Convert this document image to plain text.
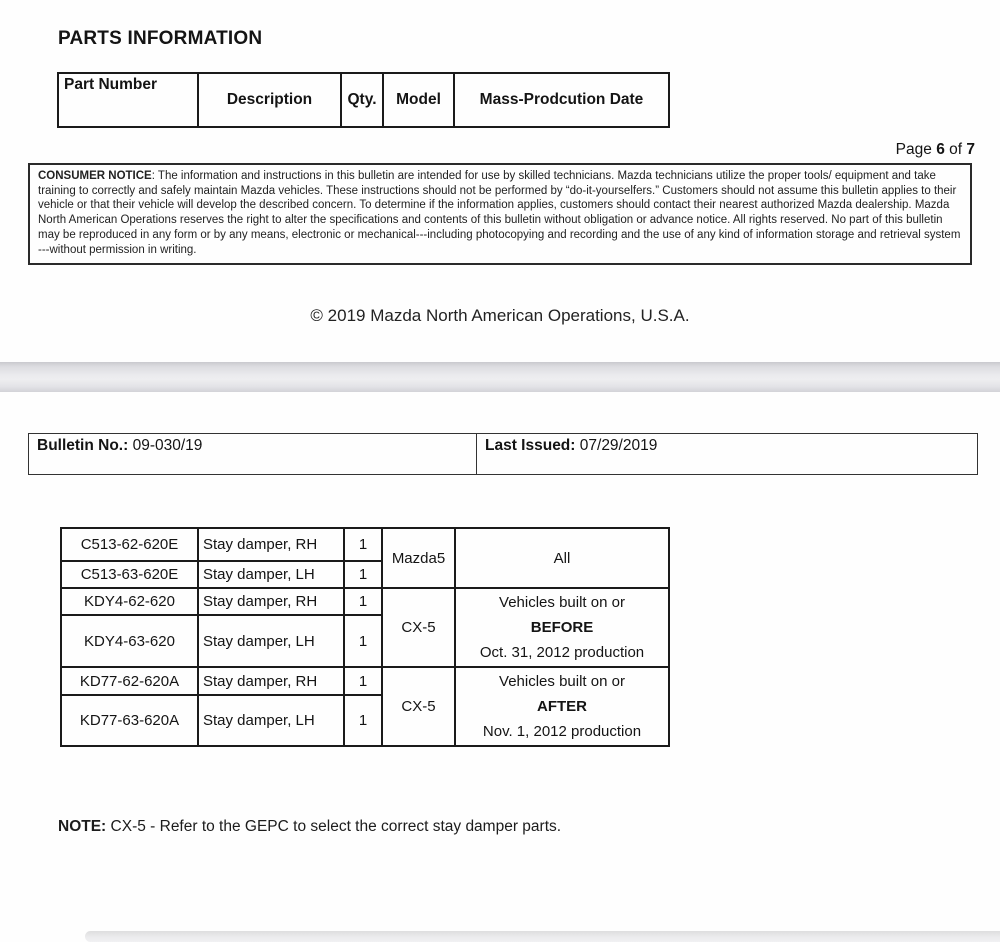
PARTS INFORMATION
Part Number	Description	Qty.	Model	Mass-Prodcution Date
Page 6 of 7
CONSUMER NOTICE: The information and instructions in this bulletin are intended for use by skilled technicians. Mazda technicians utilize the proper tools/ equipment and take training to correctly and safely maintain Mazda vehicles. These instructions should not be performed by “do-it-yourselfers.” Customers should not assume this bulletin applies to their vehicle or that their vehicle will develop the described concern. To determine if the information applies, customers should contact their nearest authorized Mazda dealership. Mazda North American Operations reserves the right to alter the specifications and contents of this bulletin without obligation or advance notice. All rights reserved. No part of this bulletin may be reproduced in any form or by any means, electronic or mechanical---including photocopying and recording and the use of any kind of information storage and retrieval system ---without permission in writing.
© 2019 Mazda North American Operations, U.S.A.
Bulletin No.: 09-030/19	Last Issued: 07/29/2019
C513-62-620E	Stay damper, RH	1	Mazda5	All
C513-63-620E	Stay damper, LH	1		
KDY4-62-620	Stay damper, RH	1	CX-5	Vehicles built on or
BEFORE
Oct. 31, 2012 production

KDY4-63-620	Stay damper, LH	1		
KD77-62-620A	Stay damper, RH	1	CX-5	Vehicles built on or
AFTER
Nov. 1, 2012 production

KD77-63-620A	Stay damper, LH	1		
NOTE: CX-5 - Refer to the GEPC to select the correct stay damper parts.
